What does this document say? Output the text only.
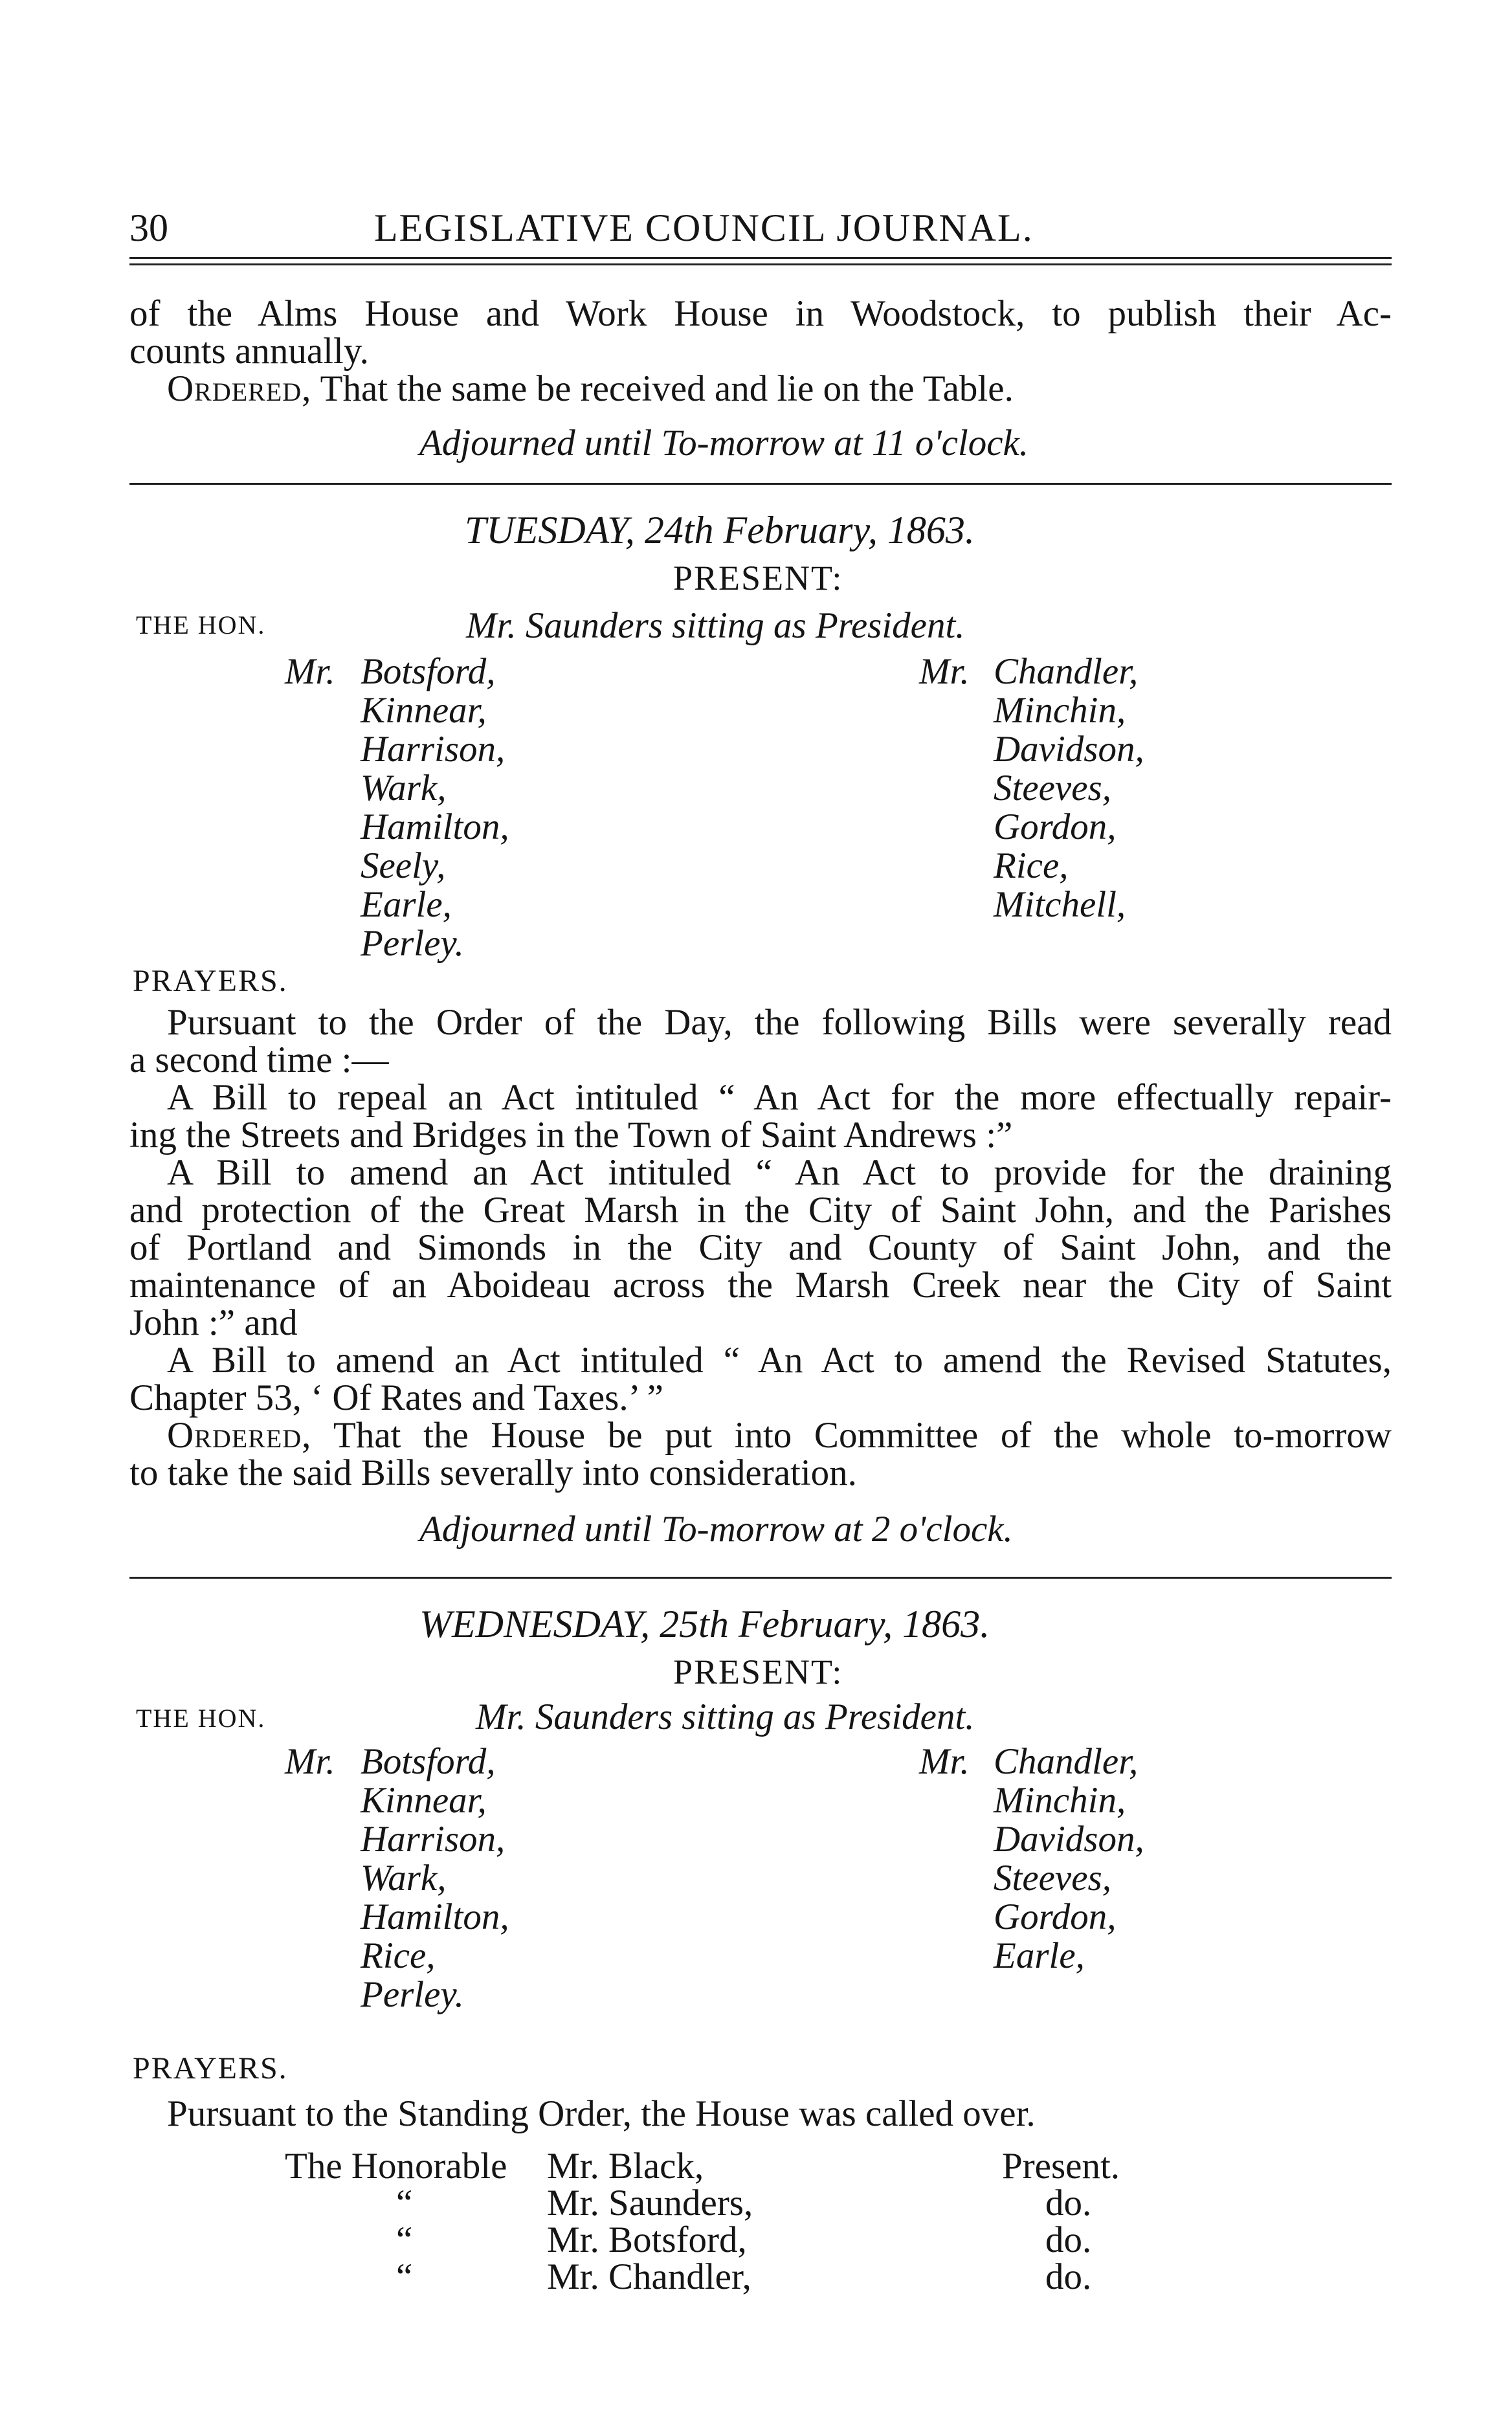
30	LEGISLATIVE COUNCIL JOURNAL.
of the Alms House and Work House in Woodstock, to publish their Ac-
counts annually.
Ordered, That the same be received and lie on the Table.
Adjourned until To-morrow at 11 o'clock.
TUESDAY, 24th February, 1863.
PRESENT:
THE HON.	Mr. Saunders sitting as President.
Mr. Botsford,
Kinnear,
Harrison,
Wark,
Hamilton,
Seely,
Earle,
Perley.
Mr. Chandler,
Minchin,
Davidson,
Steeves,
Gordon,
Rice,
Mitchell,
PRAYERS.
Pursuant to the Order of the Day, the following Bills were severally read
a second time :—
A Bill to repeal an Act intituled “ An Act for the more effectually repair-
ing the Streets and Bridges in the Town of Saint Andrews :”
A Bill to amend an Act intituled “ An Act to provide for the draining
and protection of the Great Marsh in the City of Saint John, and the Parishes
of Portland and Simonds in the City and County of Saint John, and the
maintenance of an Aboideau across the Marsh Creek near the City of Saint
John :” and
A Bill to amend an Act intituled “ An Act to amend the Revised Statutes,
Chapter 53, ‘ Of Rates and Taxes.’ ”
Ordered, That the House be put into Committee of the whole to-morrow
to take the said Bills severally into consideration.
Adjourned until To-morrow at 2 o'clock.
WEDNESDAY, 25th February, 1863.
PRESENT:
THE HON.	Mr. Saunders sitting as President.
Mr. Botsford,
Kinnear,
Harrison,
Wark,
Hamilton,
Rice,
Perley.
Mr. Chandler,
Minchin,
Davidson,
Steeves,
Gordon,
Earle,
PRAYERS.
Pursuant to the Standing Order, the House was called over.
The Honorable Mr. Black,	Present.
“	Mr. Saunders,	do.
“	Mr. Botsford,	do.
“	Mr. Chandler,	do.
